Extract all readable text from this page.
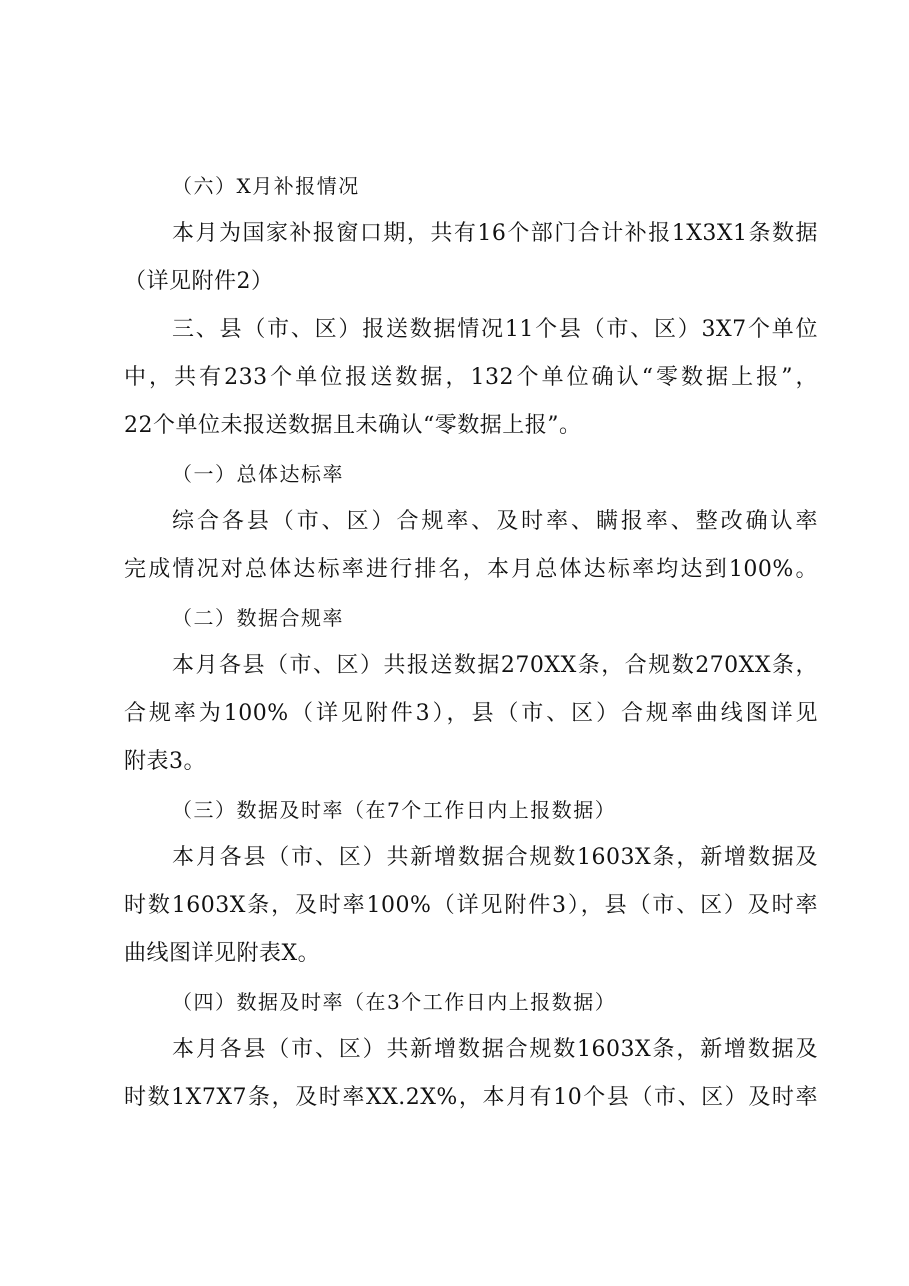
（六）X月补报情况
本月为国家补报窗口期，共有16个部门合计补报1X3X1条数据
（详见附件2）
三、县（市、区）报送数据情况11个县（市、区）3X7个单位
中，共有233个单位报送数据，132个单位确认“零数据上报”，
22个单位未报送数据且未确认“零数据上报”。
（一）总体达标率
综合各县（市、区）合规率、及时率、瞒报率、整改确认率
完成情况对总体达标率进行排名，本月总体达标率均达到100%。
（二）数据合规率
本月各县（市、区）共报送数据270XX条，合规数270XX条，
合规率为100%（详见附件3），县（市、区）合规率曲线图详见
附表3。
（三）数据及时率（在7个工作日内上报数据）
本月各县（市、区）共新增数据合规数1603X条，新增数据及
时数1603X条，及时率100%（详见附件3），县（市、区）及时率
曲线图详见附表X。
（四）数据及时率（在3个工作日内上报数据）
本月各县（市、区）共新增数据合规数1603X条，新增数据及
时数1X7X7条，及时率XX.2X%，本月有10个县（市、区）及时率
